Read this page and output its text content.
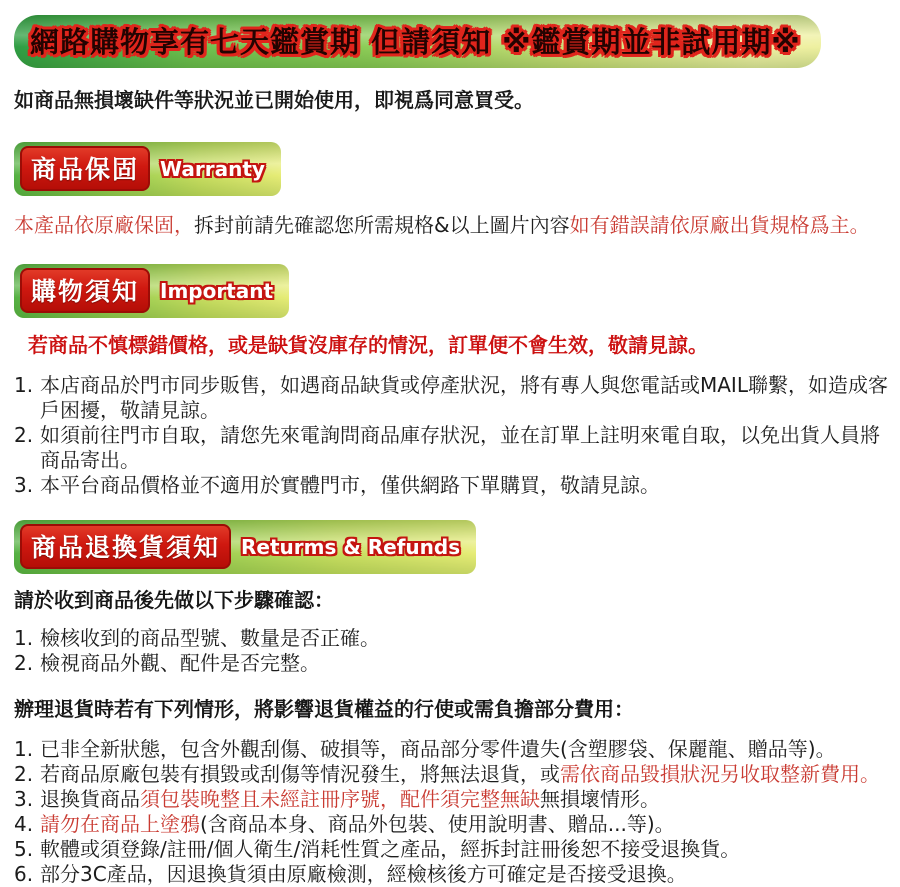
網路購物享有七天鑑賞期 但請須知 ※鑑賞期並非試用期※
如商品無損壞缺件等狀況並已開始使用，即視爲同意買受。
商品保固	Warranty
本產品依原廠保固，拆封前請先確認您所需規格&以上圖片內容如有錯誤請依原廠出貨規格爲主。
購物須知	Important
若商品不慎標錯價格，或是缺貨沒庫存的情況，訂單便不會生效，敬請見諒。
1. 本店商品於門市同步販售，如遇商品缺貨或停產狀況，將有專人與您電話或MAIL聯繫，如造成客戶困擾，敬請見諒。
2. 如須前往門市自取，請您先來電詢問商品庫存狀況，並在訂單上註明來電自取，以免出貨人員將商品寄出。
3. 本平台商品價格並不適用於實體門市，僅供網路下單購買，敬請見諒。
商品退換貨須知	Returms & Refunds
請於收到商品後先做以下步驟確認：
1. 檢核收到的商品型號、數量是否正確。
2. 檢視商品外觀、配件是否完整。
辦理退貨時若有下列情形，將影響退貨權益的行使或需負擔部分費用：
1. 已非全新狀態，包含外觀刮傷、破損等，商品部分零件遺失(含塑膠袋、保麗龍、贈品等)。
2. 若商品原廠包裝有損毀或刮傷等情況發生，將無法退貨，或需依商品毀損狀況另收取整新費用。
3. 退換貨商品須包裝晚整且未經註冊序號，配件須完整無缺無損壞情形。
4. 請勿在商品上塗鴉(含商品本身、商品外包裝、使用說明書、贈品...等)。
5. 軟體或須登錄/註冊/個人衛生/消耗性質之產品，經拆封註冊後恕不接受退換貨。
6. 部分3C產品，因退換貨須由原廠檢測，經檢核後方可確定是否接受退換。
